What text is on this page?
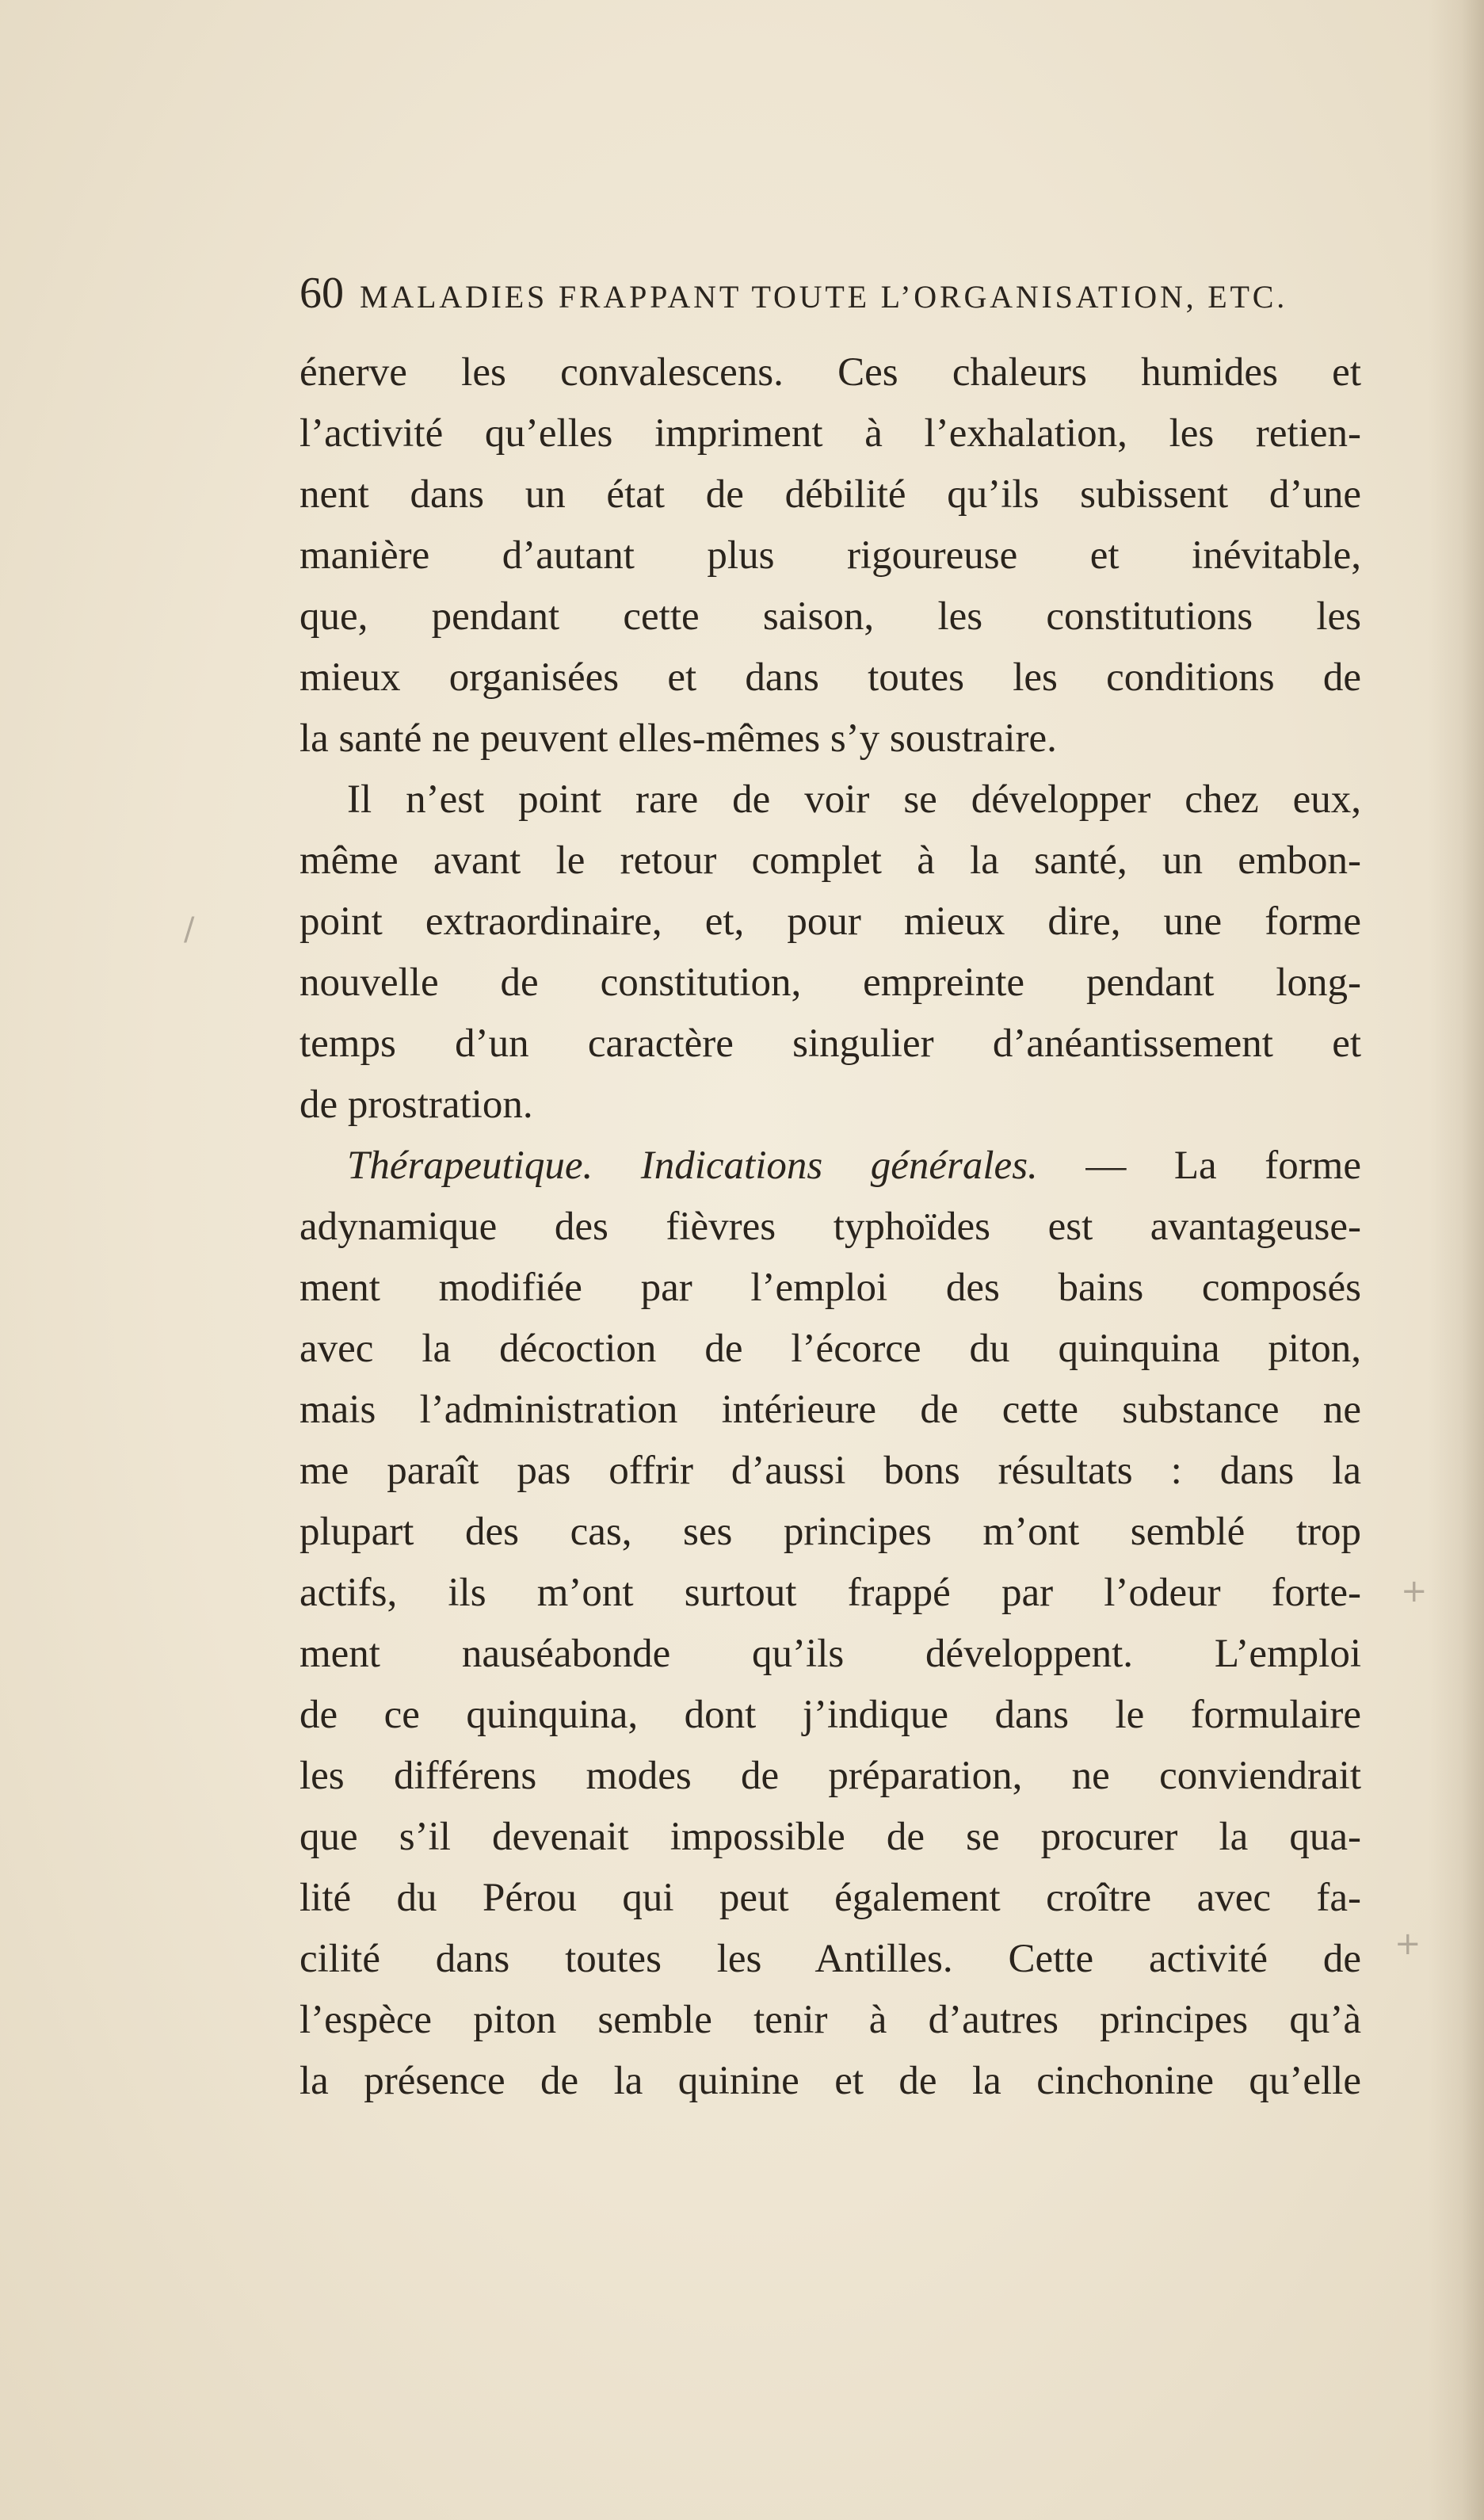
60 MALADIES FRAPPANT TOUTE L’ORGANISATION, ETC.
énerve les convalescens. Ces chaleurs humides et
l’activité qu’elles impriment à l’exhalation, les retien-
nent dans un état de débilité qu’ils subissent d’une
manière d’autant plus rigoureuse et inévitable,
que, pendant cette saison, les constitutions les
mieux organisées et dans toutes les conditions de
la santé ne peuvent elles-mêmes s’y soustraire.
Il n’est point rare de voir se développer chez eux,
même avant le retour complet à la santé, un embon-
point extraordinaire, et, pour mieux dire, une forme
nouvelle de constitution, empreinte pendant long-
temps d’un caractère singulier d’anéantissement et
de prostration.
Thérapeutique. Indications générales. — La forme
adynamique des fièvres typhoïdes est avantageuse-
ment modifiée par l’emploi des bains composés
avec la décoction de l’écorce du quinquina piton,
mais l’administration intérieure de cette substance ne
me paraît pas offrir d’aussi bons résultats : dans la
plupart des cas, ses principes m’ont semblé trop
actifs, ils m’ont surtout frappé par l’odeur forte-
ment nauséabonde qu’ils développent. L’emploi
de ce quinquina, dont j’indique dans le formulaire
les différens modes de préparation, ne conviendrait
que s’il devenait impossible de se procurer la qua-
lité du Pérou qui peut également croître avec fa-
cilité dans toutes les Antilles. Cette activité de
l’espèce piton semble tenir à d’autres principes qu’à
la présence de la quinine et de la cinchonine qu’elle
/
+
+
